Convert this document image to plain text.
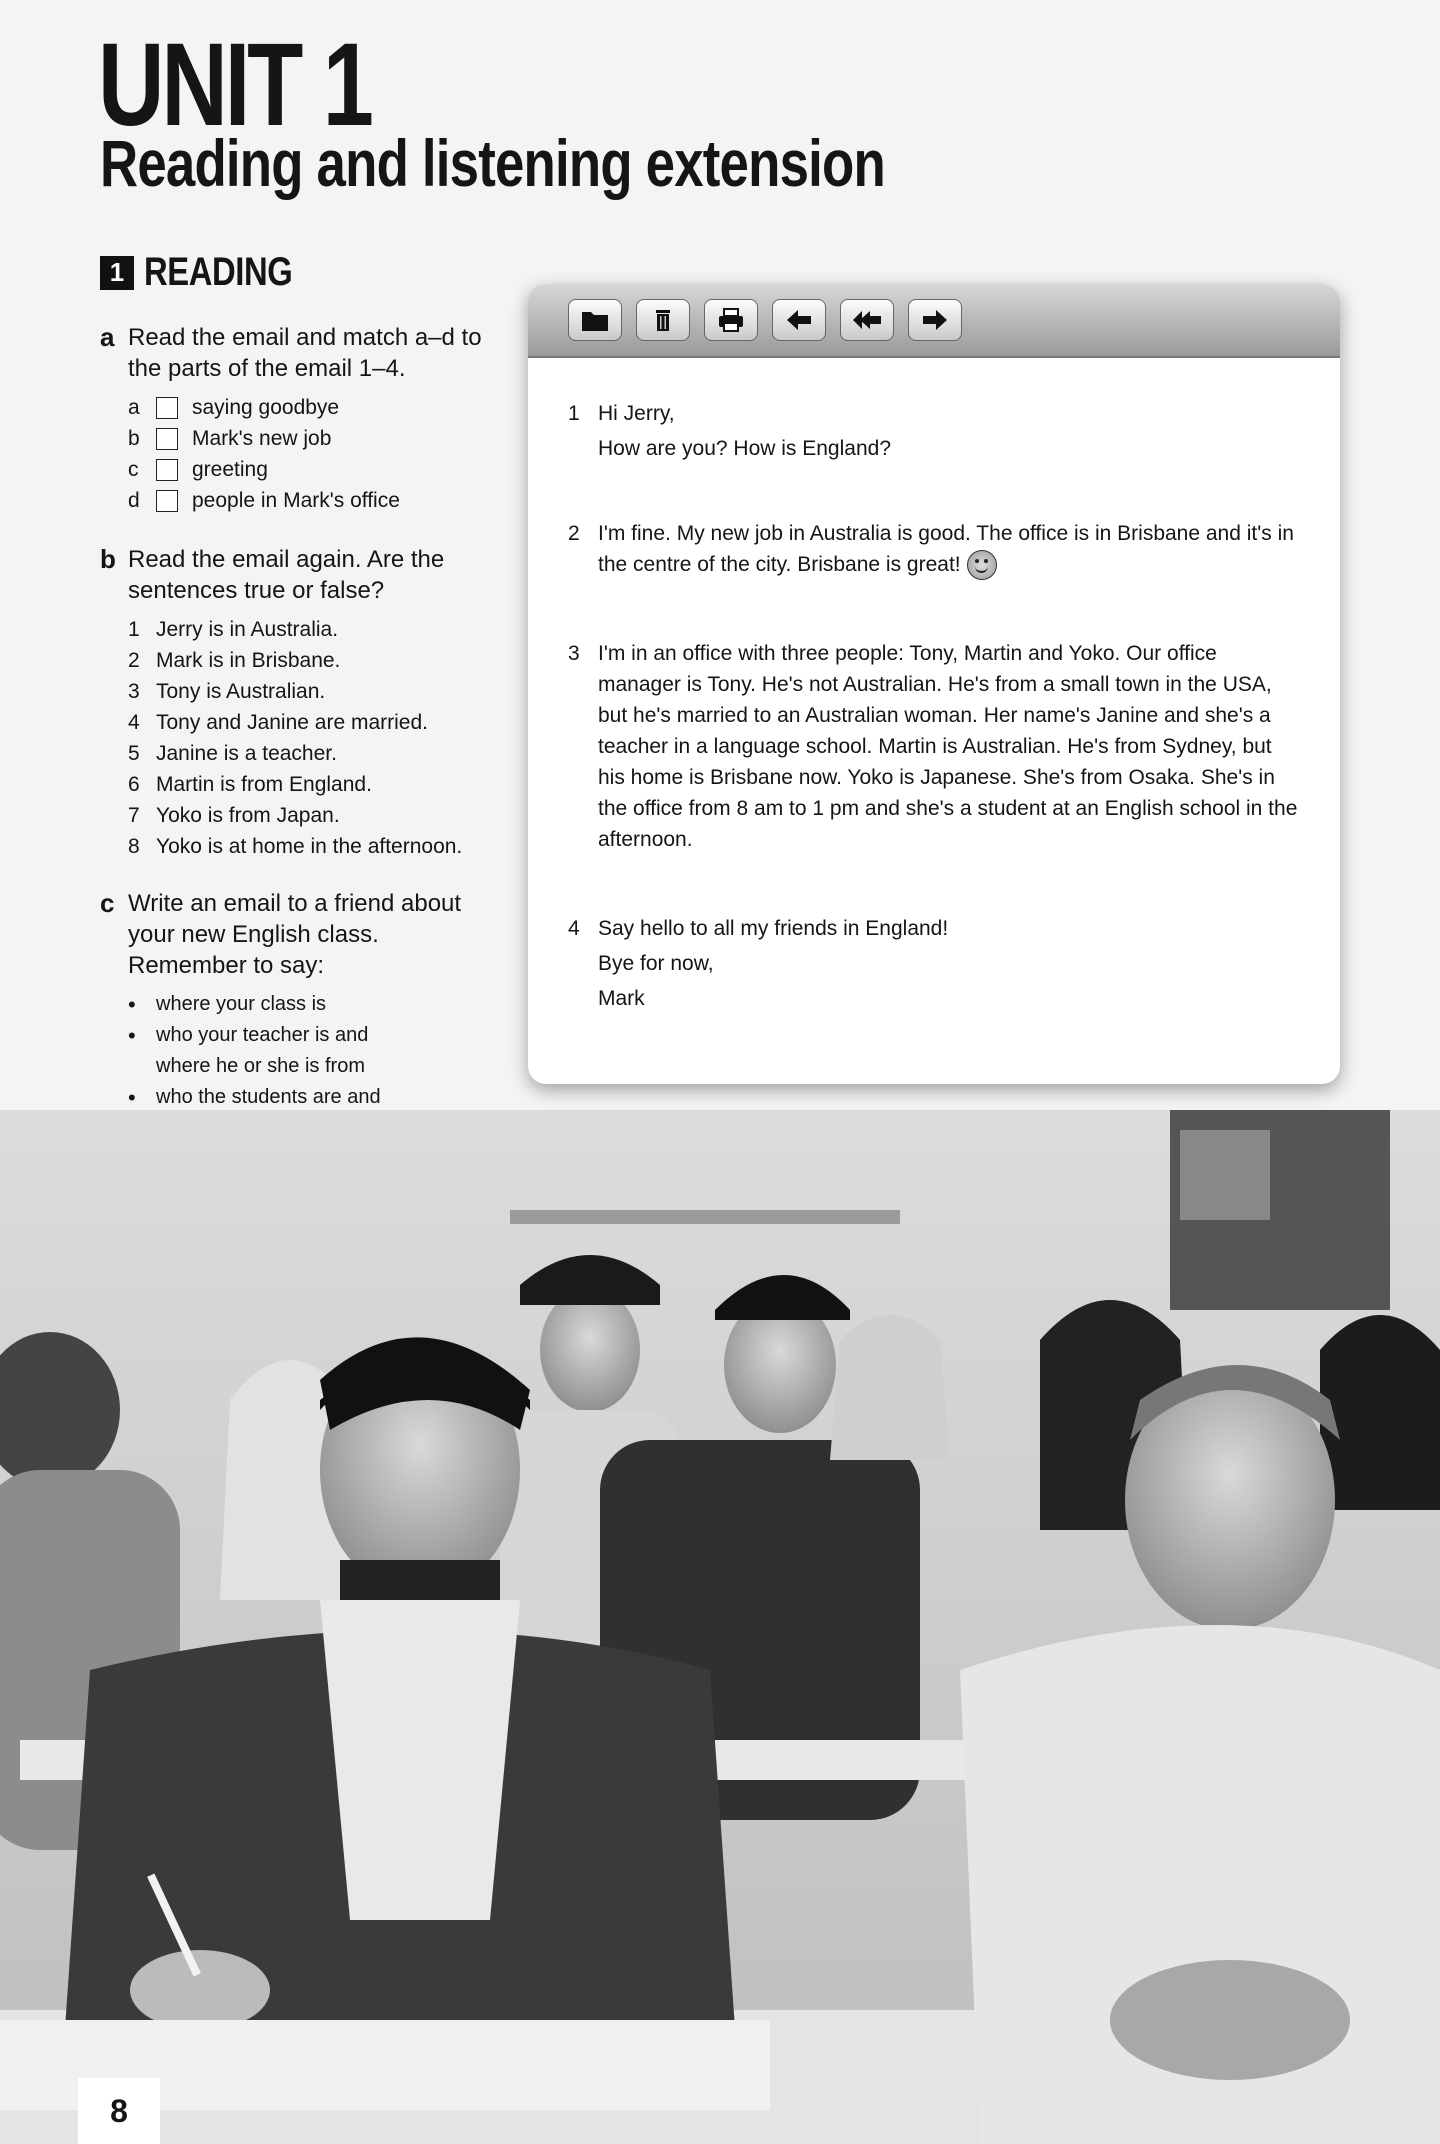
UNIT 1
Reading and listening extension
1 READING
a Read the email and match a–d to the parts of the email 1–4.
a	saying goodbye
b	Mark's new job
c	greeting
d	people in Mark's office
b Read the email again. Are the sentences true or false?
1 Jerry is in Australia.
2 Mark is in Brisbane.
3 Tony is Australian.
4 Tony and Janine are married.
5 Janine is a teacher.
6 Martin is from England.
7 Yoko is from Japan.
8 Yoko is at home in the afternoon.
c Write an email to a friend about your new English class. Remember to say:
•	where your class is
•	who your teacher is and where he or she is from
•	who the students are and
1 Hi Jerry,
How are you? How is England?
2 I'm fine. My new job in Australia is good. The office is in Brisbane and it's in the centre of the city. Brisbane is great!
3 I'm in an office with three people: Tony, Martin and Yoko. Our office manager is Tony. He's not Australian. He's from a small town in the USA, but he's married to an Australian woman. Her name's Janine and she's a teacher in a language school. Martin is Australian. He's from Sydney, but his home is Brisbane now. Yoko is Japanese. She's from Osaka. She's in the office from 8 am to 1 pm and she's a student at an English school in the afternoon.
4 Say hello to all my friends in England!
Bye for now,
Mark
8
